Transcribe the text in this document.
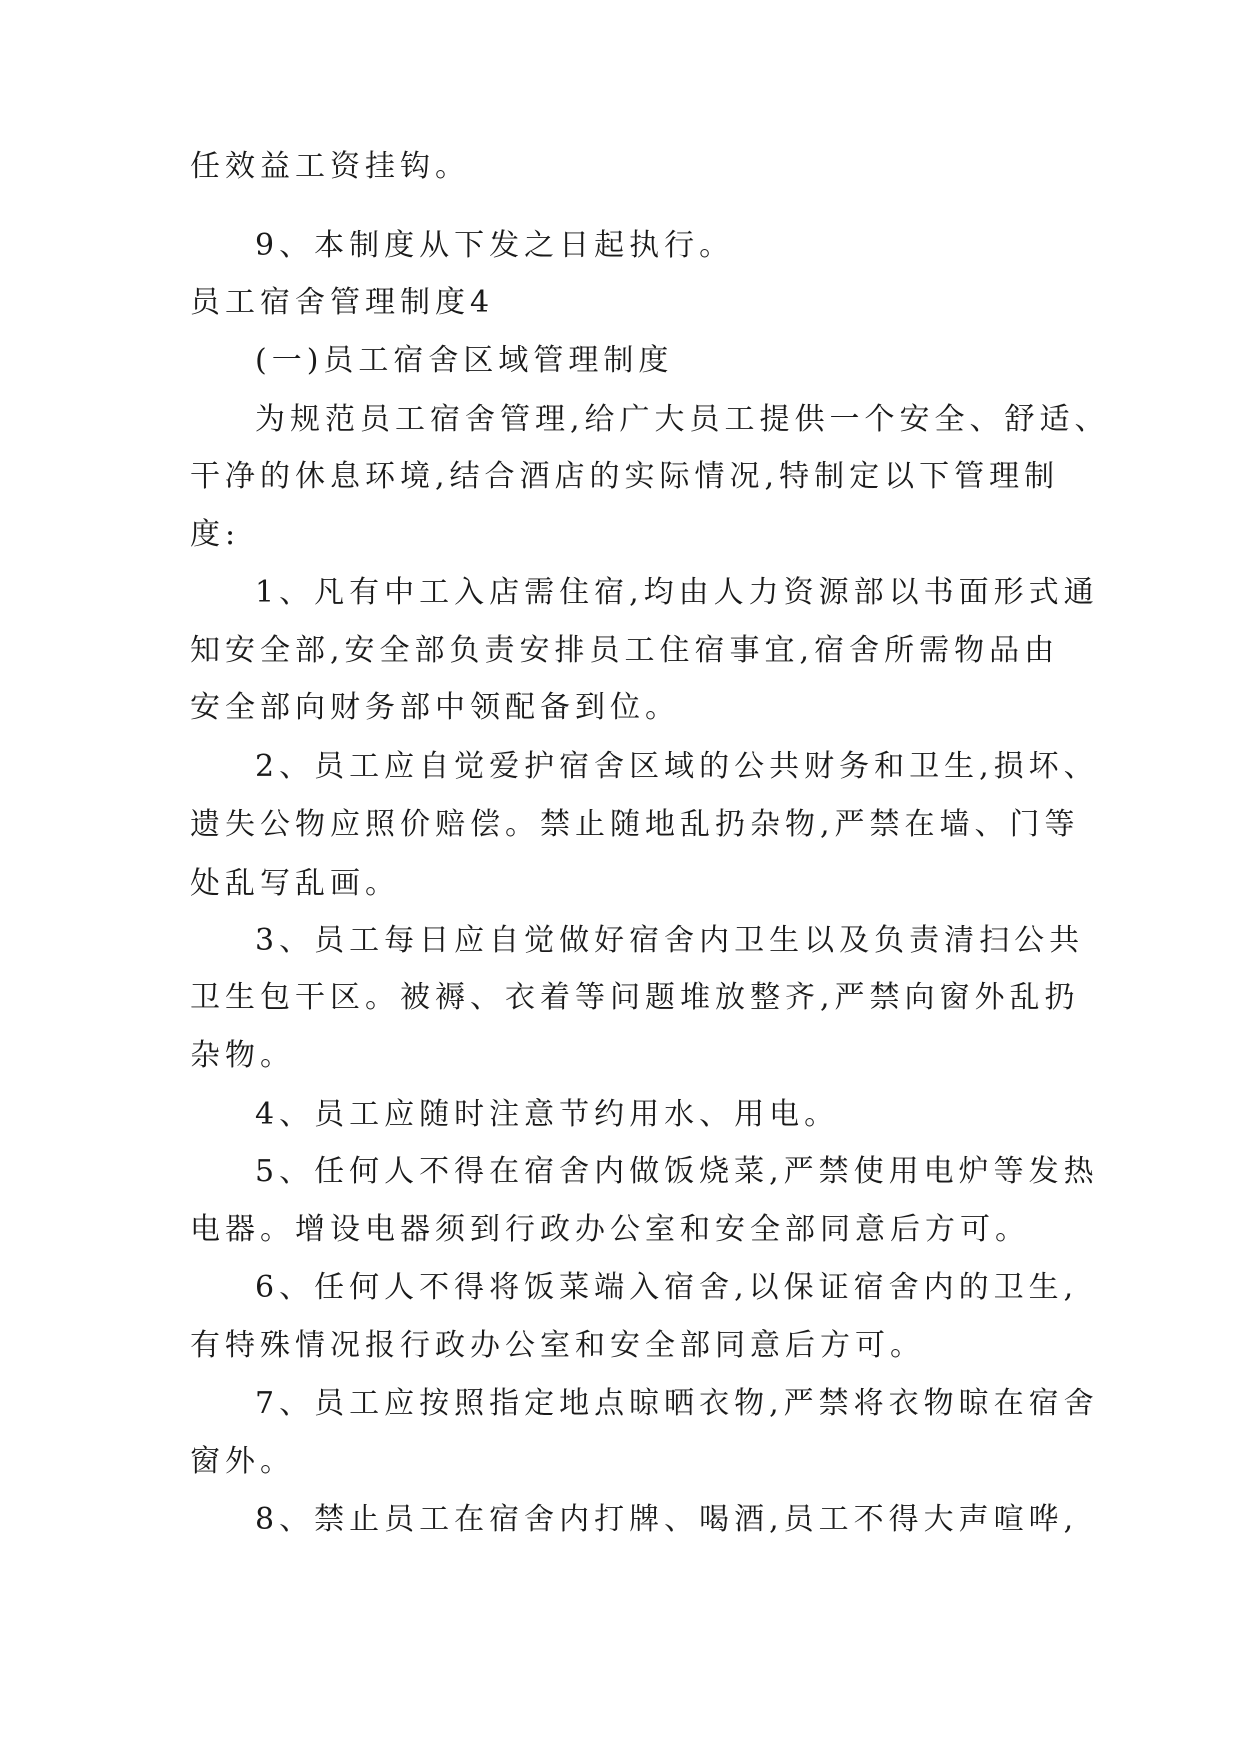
任效益工资挂钩。
9、本制度从下发之日起执行。
员工宿舍管理制度4
(一)员工宿舍区域管理制度
为规范员工宿舍管理,给广大员工提供一个安全、舒适、
干净的休息环境,结合酒店的实际情况,特制定以下管理制
度:
1、凡有中工入店需住宿,均由人力资源部以书面形式通
知安全部,安全部负责安排员工住宿事宜,宿舍所需物品由
安全部向财务部中领配备到位。
2、员工应自觉爱护宿舍区域的公共财务和卫生,损坏、
遗失公物应照价赔偿。禁止随地乱扔杂物,严禁在墙、门等
处乱写乱画。
3、员工每日应自觉做好宿舍内卫生以及负责清扫公共
卫生包干区。被褥、衣着等问题堆放整齐,严禁向窗外乱扔
杂物。
4、员工应随时注意节约用水、用电。
5、任何人不得在宿舍内做饭烧菜,严禁使用电炉等发热
电器。增设电器须到行政办公室和安全部同意后方可。
6、任何人不得将饭菜端入宿舍,以保证宿舍内的卫生,
有特殊情况报行政办公室和安全部同意后方可。
7、员工应按照指定地点晾晒衣物,严禁将衣物晾在宿舍
窗外。
8、禁止员工在宿舍内打牌、喝酒,员工不得大声喧哗,
